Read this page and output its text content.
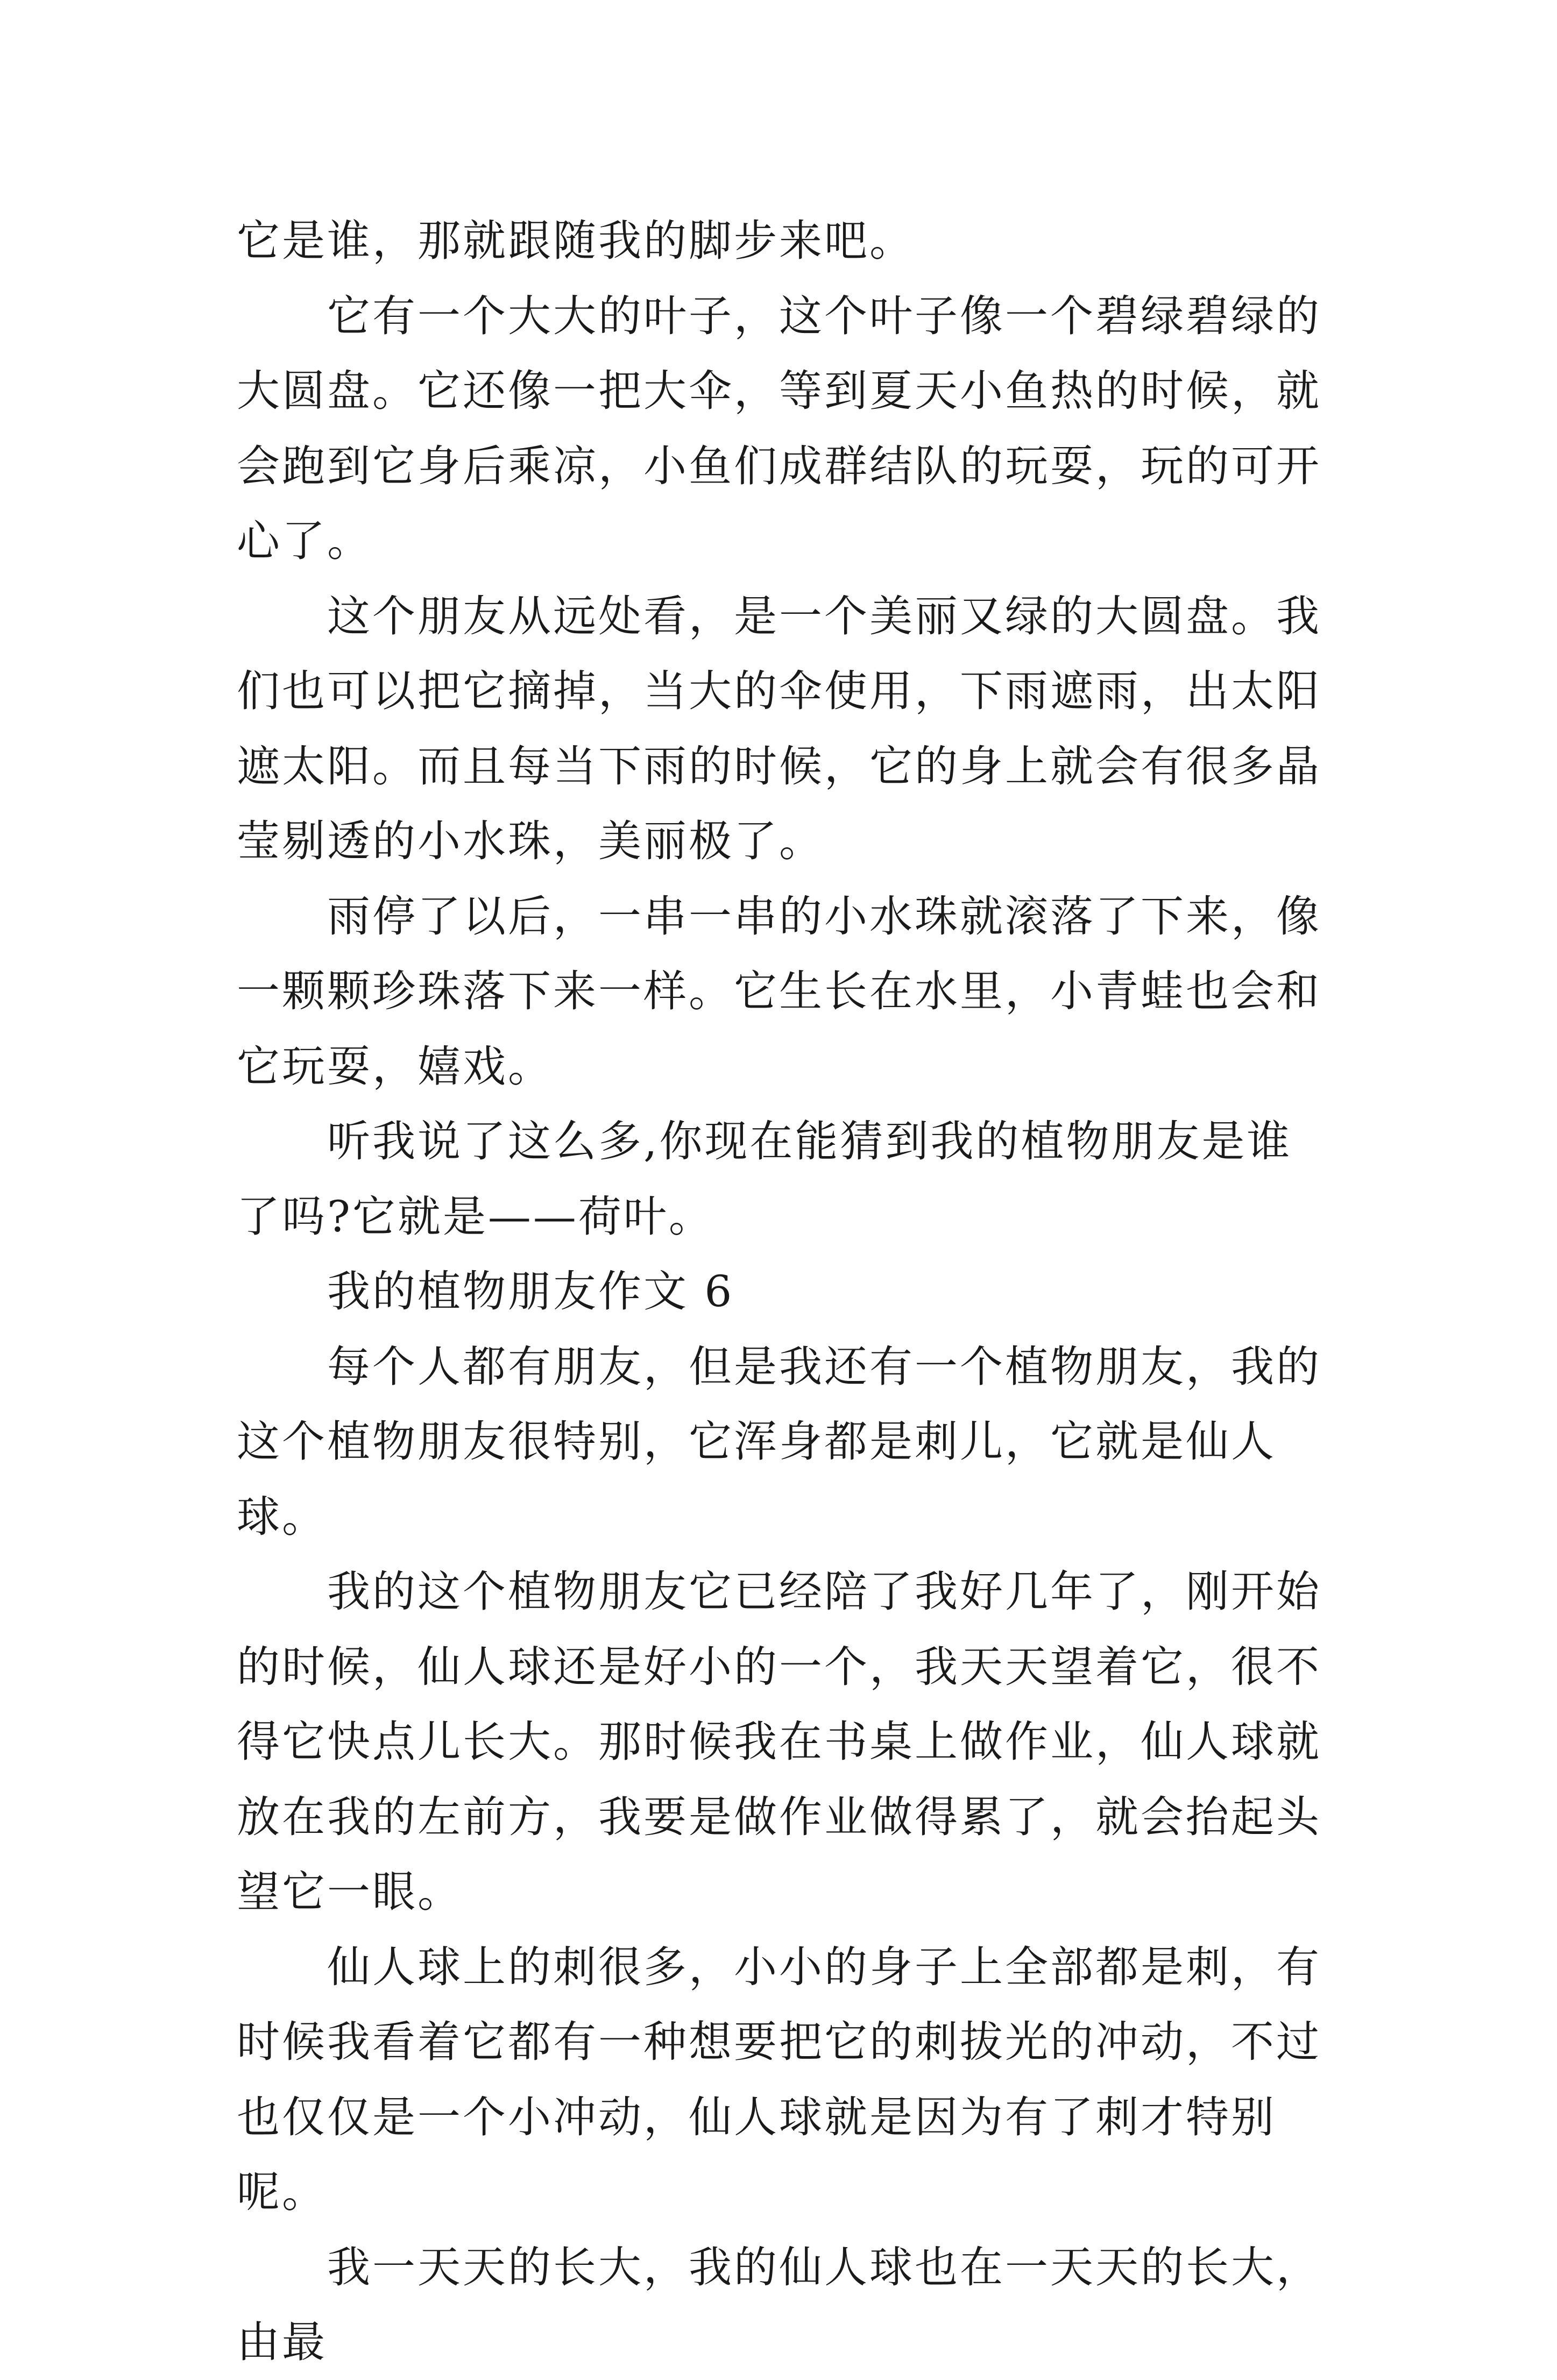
它是谁，那就跟随我的脚步来吧。

它有一个大大的叶子，这个叶子像一个碧绿碧绿的大圆盘。它还像一把大伞，等到夏天小鱼热的时候，就会跑到它身后乘凉，小鱼们成群结队的玩耍，玩的可开心了。

这个朋友从远处看，是一个美丽又绿的大圆盘。我们也可以把它摘掉，当大的伞使用，下雨遮雨，出太阳遮太阳。而且每当下雨的时候，它的身上就会有很多晶莹剔透的小水珠，美丽极了。

雨停了以后，一串一串的小水珠就滚落了下来，像一颗颗珍珠落下来一样。它生长在水里，小青蛙也会和它玩耍，嬉戏。

听我说了这么多,你现在能猜到我的植物朋友是谁了吗?它就是——荷叶。

我的植物朋友作文 6

每个人都有朋友，但是我还有一个植物朋友，我的这个植物朋友很特别，它浑身都是刺儿，它就是仙人球。

我的这个植物朋友它已经陪了我好几年了，刚开始的时候，仙人球还是好小的一个，我天天望着它，很不得它快点儿长大。那时候我在书桌上做作业，仙人球就放在我的左前方，我要是做作业做得累了，就会抬起头望它一眼。

仙人球上的刺很多，小小的身子上全部都是刺，有时候我看着它都有一种想要把它的刺拔光的冲动，不过也仅仅是一个小冲动，仙人球就是因为有了刺才特别呢。

我一天天的长大，我的仙人球也在一天天的长大，由最
